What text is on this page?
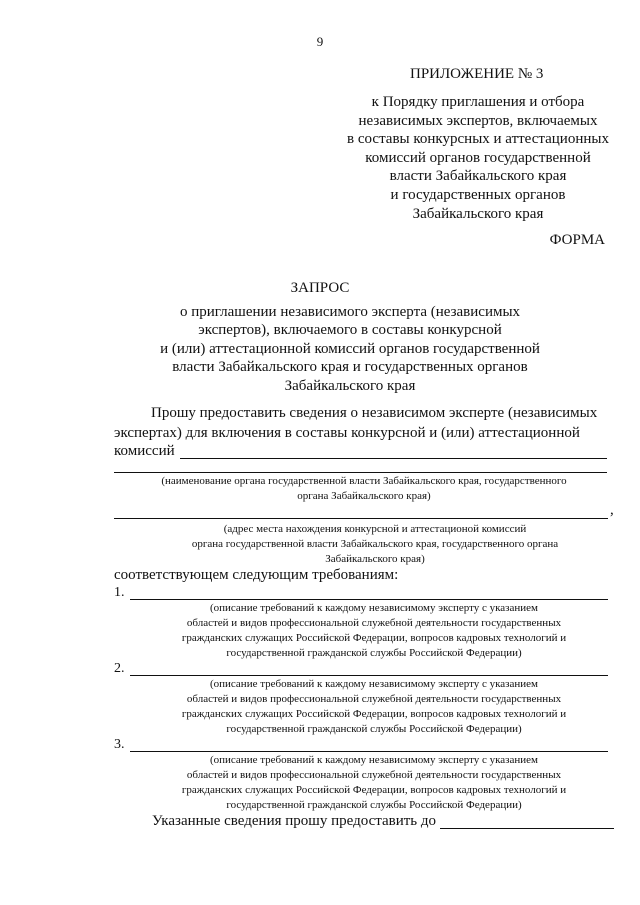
9
ПРИЛОЖЕНИЕ № 3
к Порядку приглашения и отбора
независимых экспертов, включаемых
в составы конкурсных и аттестационных
комиссий органов государственной
власти Забайкальского края
и государственных органов
Забайкальского края
ФОРМА
ЗАПРОС
о приглашении независимого эксперта (независимых
экспертов), включаемого в составы конкурсной
и (или) аттестационной комиссий органов государственной
власти Забайкальского края и государственных органов
Забайкальского края
Прошу предоставить сведения о независимом эксперте (независимых
экспертах) для включения в составы конкурсной и (или) аттестационной
комиссий
(наименование органа государственной власти Забайкальского края, государственного
органа Забайкальского края)
,
(адрес места нахождения конкурсной и аттестационой комиссий
органа государственной власти Забайкальского края, государственного органа
Забайкальского края)
соответствующем следующим требованиям:
1.
(описание требований к каждому независимому эксперту с указанием
областей и видов профессиональной служебной деятельности государственных
гражданских служащих Российской Федерации, вопросов кадровых технологий и
государственной гражданской службы Российской Федерации)
2.
(описание требований к каждому независимому эксперту с указанием
областей и видов профессиональной служебной деятельности государственных
гражданских служащих Российской Федерации, вопросов кадровых технологий и
государственной гражданской службы Российской Федерации)
3.
(описание требований к каждому независимому эксперту с указанием
областей и видов профессиональной служебной деятельности государственных
гражданских служащих Российской Федерации, вопросов кадровых технологий и
государственной гражданской службы Российской Федерации)
Указанные сведения прошу предоставить до
